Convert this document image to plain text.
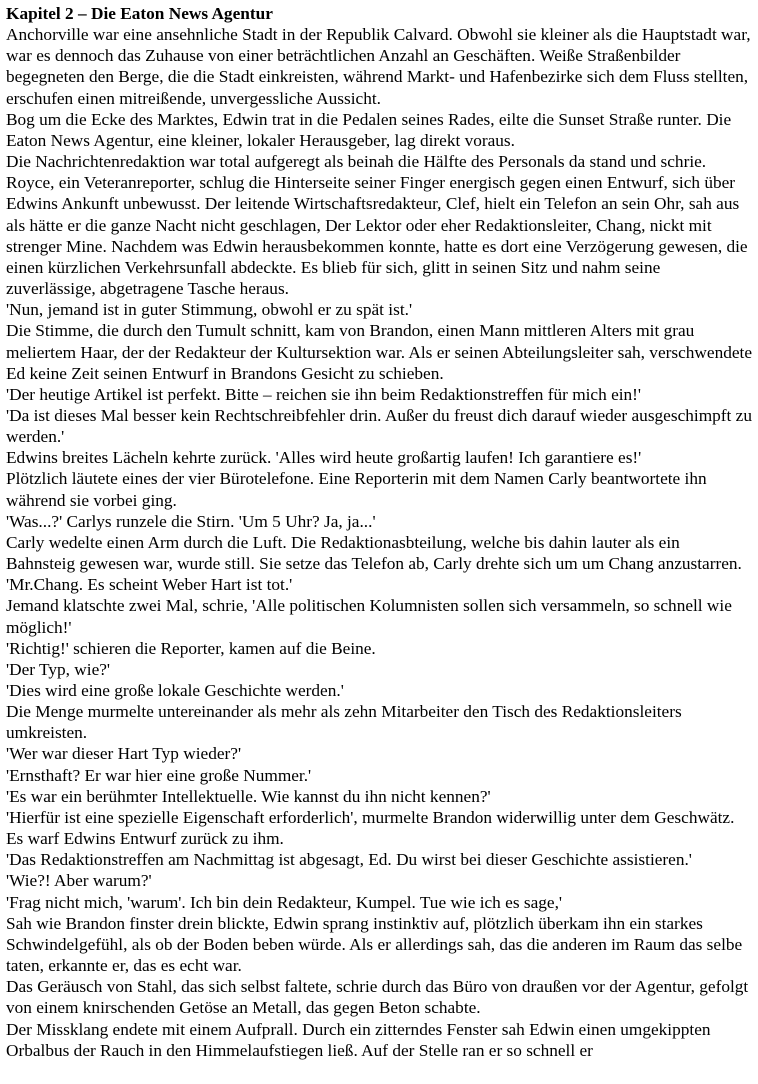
Kapitel 2 – Die Eaton News Agentur

Anchorville war eine ansehnliche Stadt in der Republik Calvard. Obwohl sie kleiner als die Hauptstadt war, war es dennoch das Zuhause von einer beträchtlichen Anzahl an Geschäften. Weiße Straßenbilder begegneten den Berge, die die Stadt einkreisten, während Markt- und Hafenbezirke sich dem Fluss stellten, erschufen einen mitreißende, unvergessliche Aussicht.

Bog um die Ecke des Marktes, Edwin trat in die Pedalen seines Rades, eilte die Sunset Straße runter. Die Eaton News Agentur, eine kleiner, lokaler Herausgeber, lag direkt voraus.

Die Nachrichtenredaktion war total aufgeregt als beinah die Hälfte des Personals da stand und schrie. Royce, ein Veteranreporter, schlug die Hinterseite seiner Finger energisch gegen einen Entwurf, sich über Edwins Ankunft unbewusst. Der leitende Wirtschaftsredakteur, Clef, hielt ein Telefon an sein Ohr, sah aus als hätte er die ganze Nacht nicht geschlagen, Der Lektor oder eher Redaktionsleiter, Chang, nickt mit strenger Mine. Nachdem was Edwin herausbekommen konnte, hatte es dort eine Verzögerung gewesen, die einen kürzlichen Verkehrsunfall abdeckte. Es blieb für sich, glitt in seinen Sitz und nahm seine zuverlässige, abgetragene Tasche heraus.

'Nun, jemand ist in guter Stimmung, obwohl er zu spät ist.'

Die Stimme, die durch den Tumult schnitt, kam von Brandon, einen Mann mittleren Alters mit grau meliertem Haar, der der Redakteur der Kultursektion war. Als er seinen Abteilungsleiter sah, verschwendete Ed keine Zeit seinen Entwurf in Brandons Gesicht zu schieben.

'Der heutige Artikel ist perfekt. Bitte – reichen sie ihn beim Redaktionstreffen für mich ein!'

'Da ist dieses Mal besser kein Rechtschreibfehler drin. Außer du freust dich darauf wieder ausgeschimpft zu werden.'

Edwins breites Lächeln kehrte zurück. 'Alles wird heute großartig laufen! Ich garantiere es!'

Plötzlich läutete eines der vier Bürotelefone. Eine Reporterin mit dem Namen Carly beantwortete ihn während sie vorbei ging.

'Was...?' Carlys runzele die Stirn. 'Um 5 Uhr? Ja, ja...'

Carly wedelte einen Arm durch die Luft. Die Redaktionasbteilung, welche bis dahin lauter als ein Bahnsteig gewesen war, wurde still. Sie setze das Telefon ab, Carly drehte sich um um Chang anzustarren.

'Mr.Chang. Es scheint Weber Hart ist tot.'

Jemand klatschte zwei Mal, schrie, 'Alle politischen Kolumnisten sollen sich versammeln, so schnell wie möglich!'

'Richtig!' schieren die Reporter, kamen auf die Beine.

'Der Typ, wie?'

'Dies wird eine große lokale Geschichte werden.'

Die Menge murmelte untereinander als mehr als zehn Mitarbeiter den Tisch des Redaktionsleiters umkreisten.

'Wer war dieser Hart Typ wieder?'

'Ernsthaft? Er war hier eine große Nummer.'

'Es war ein berühmter Intellektuelle. Wie kannst du ihn nicht kennen?'

'Hierfür ist eine spezielle Eigenschaft erforderlich', murmelte Brandon widerwillig unter dem Geschwätz. Es warf Edwins Entwurf zurück zu ihm.

'Das Redaktionstreffen am Nachmittag ist abgesagt, Ed. Du wirst bei dieser Geschichte assistieren.'

'Wie?! Aber warum?'

'Frag nicht mich, 'warum'. Ich bin dein Redakteur, Kumpel. Tue wie ich es sage,'

Sah wie Brandon finster drein blickte, Edwin sprang instinktiv auf, plötzlich überkam ihn ein starkes Schwindelgefühl, als ob der Boden beben würde. Als er allerdings sah, das die anderen im Raum das selbe taten, erkannte er, das es echt war.

Das Geräusch von Stahl, das sich selbst faltete, schrie durch das Büro von draußen vor der Agentur, gefolgt von einem knirschenden Getöse an Metall, das gegen Beton schabte.

Der Missklang endete mit einem Aufprall. Durch ein zitterndes Fenster sah Edwin einen umgekippten Orbalbus der Rauch in den Himmelaufstiegen ließ. Auf der Stelle ran er so schnell er
